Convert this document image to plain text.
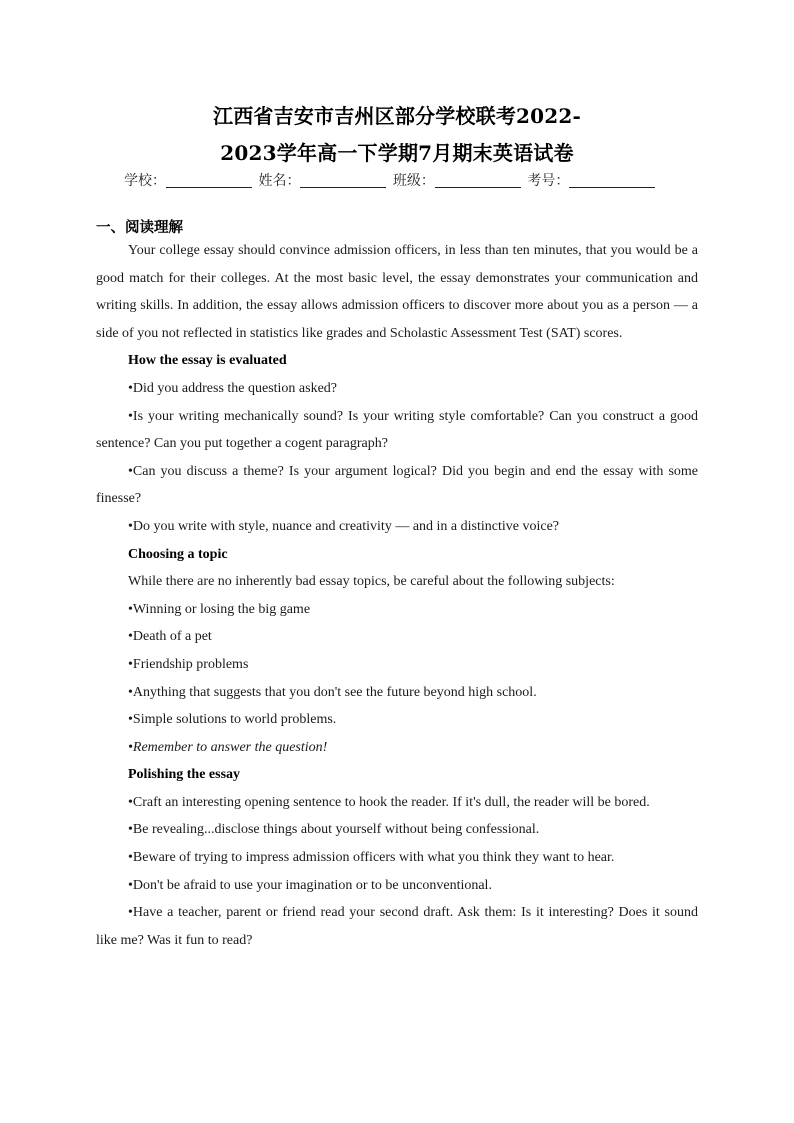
江西省吉安市吉州区部分学校联考2022-
2023学年高一下学期7月期末英语试卷
学校：	姓名：	班级：	考号：
一、阅读理解

Your college essay should convince admission officers, in less than ten minutes, that you would be a good match for their colleges. At the most basic level, the essay demonstrates your communication and writing skills. In addition, the essay allows admission officers to discover more about you as a person — a side of you not reflected in statistics like grades and Scholastic Assessment Test (SAT) scores.

How the essay is evaluated

•Did you address the question asked?

•Is your writing mechanically sound? Is your writing style comfortable? Can you construct a good sentence? Can you put together a cogent paragraph?

•Can you discuss a theme? Is your argument logical? Did you begin and end the essay with some finesse?

•Do you write with style, nuance and creativity — and in a distinctive voice?

Choosing a topic

While there are no inherently bad essay topics, be careful about the following subjects:

•Winning or losing the big game

•Death of a pet

•Friendship problems

•Anything that suggests that you don't see the future beyond high school.

•Simple solutions to world problems.

•Remember to answer the question!

Polishing the essay

•Craft an interesting opening sentence to hook the reader. If it's dull, the reader will be bored.

•Be revealing...disclose things about yourself without being confessional.

•Beware of trying to impress admission officers with what you think they want to hear.

•Don't be afraid to use your imagination or to be unconventional.

•Have a teacher, parent or friend read your second draft. Ask them: Is it interesting? Does it sound like me? Was it fun to read?
